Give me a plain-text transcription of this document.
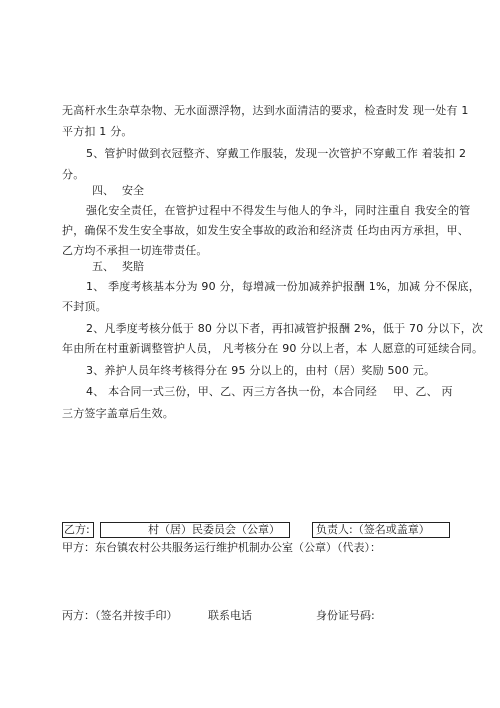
无高杆水生杂草杂物、无水面漂浮物，达到水面清洁的要求，检查时发 现一处有 1
平方扣 1 分。
5、管护时做到衣冠整齐、穿戴工作服装，发现一次管护不穿戴工作 着装扣 2
分。
四、 安全
强化安全责任，在管护过程中不得发生与他人的争斗，同时注重自 我安全的管
护，确保不发生安全事故，如发生安全事故的政治和经济责 任均由丙方承担，甲、
乙方均不承担一切连带责任。
五、 奖賠
1、 季度考核基本分为 90 分，每增减一份加减养护报酬 1%，加减 分不保底，
不封顶。
2、凡季度考核分低于 80 分以下者，再扣减管护报酬 2%，低于 70 分以下，次
年由所在村重新调整管护人员， 凡考核分在 90 分以上者，本 人愿意的可延续合同。
3、养护人员年终考核得分在 95 分以上的，由村（居）奖励 500 元。
4、 本合同一式三份，甲、乙、丙三方各执一份，本合同经 甲、乙、 丙
三方签字盖章后生效。
乙方:	村（居）民委员会（公章）	负责人:（签名或盖章）
甲方：东台镇农村公共服务运行维护机制办公室（公章）（代表）：
丙方：（签名并按手印）	联系电话	身份证号码:
